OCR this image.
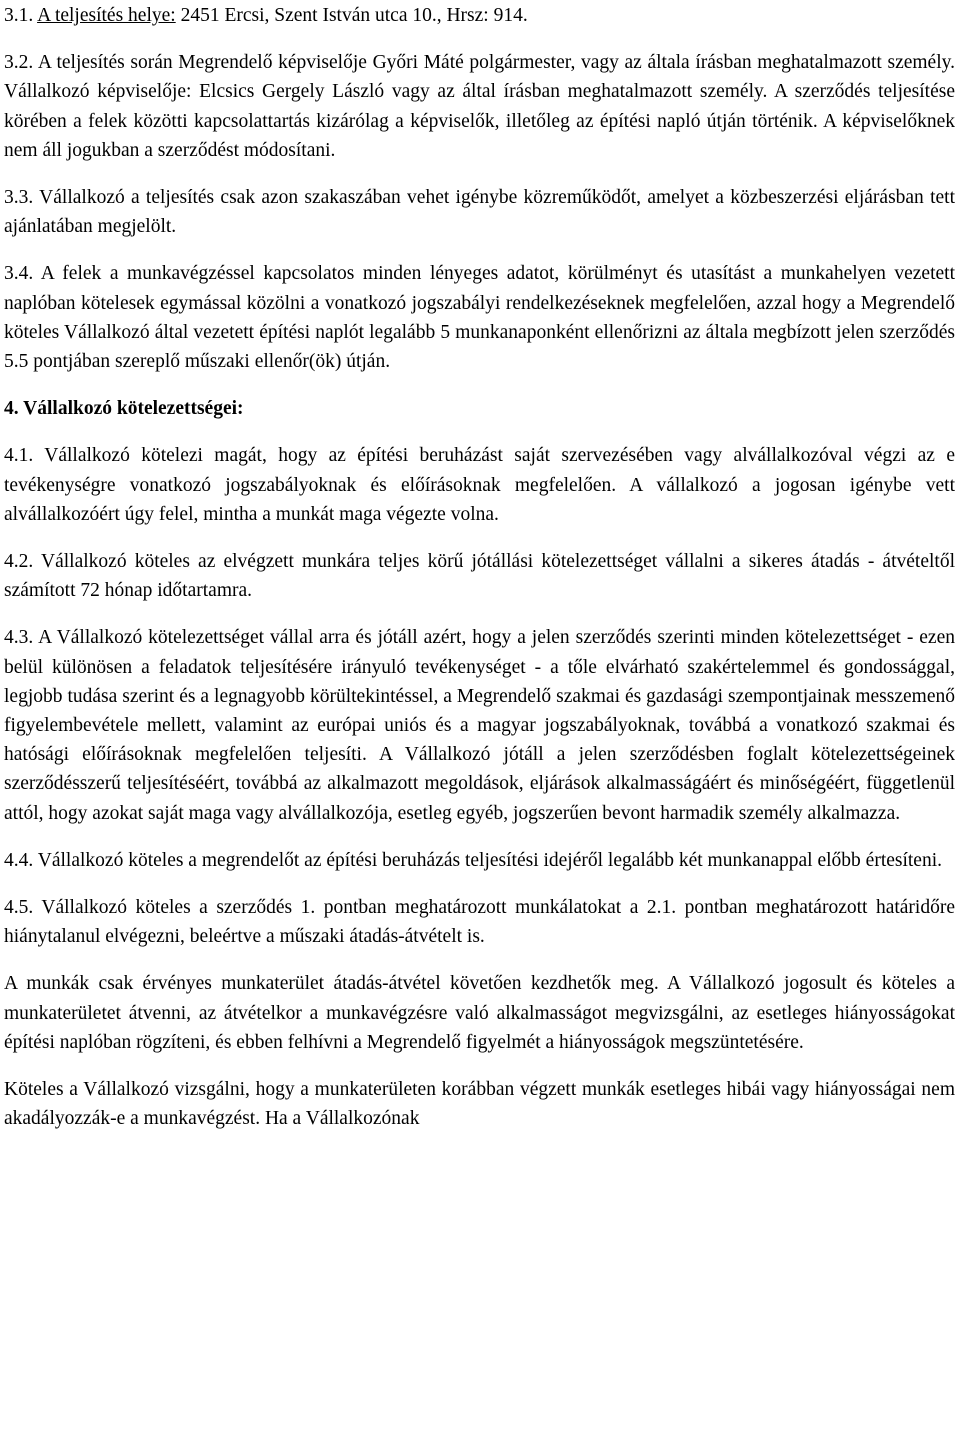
3.1. A teljesítés helye: 2451 Ercsi, Szent István utca 10., Hrsz: 914.

3.2. A teljesítés során Megrendelő képviselője Győri Máté polgármester, vagy az általa írásban meghatalmazott személy. Vállalkozó képviselője: Elcsics Gergely László vagy az által írásban meghatalmazott személy. A szerződés teljesítése körében a felek közötti kapcsolattartás kizárólag a képviselők, illetőleg az építési napló útján történik. A képviselőknek nem áll jogukban a szerződést módosítani.

3.3. Vállalkozó a teljesítés csak azon szakaszában vehet igénybe közreműködőt, amelyet a közbeszerzési eljárásban tett ajánlatában megjelölt.

3.4. A felek a munkavégzéssel kapcsolatos minden lényeges adatot, körülményt és utasítást a munkahelyen vezetett naplóban kötelesek egymással közölni a vonatkozó jogszabályi rendelkezéseknek megfelelően, azzal hogy a Megrendelő köteles Vállalkozó által vezetett építési naplót legalább 5 munkanaponként ellenőrizni az általa megbízott jelen szerződés 5.5 pontjában szereplő műszaki ellenőr(ök) útján.

4. Vállalkozó kötelezettségei:

4.1. Vállalkozó kötelezi magát, hogy az építési beruházást saját szervezésében vagy alvállalkozóval végzi az e tevékenységre vonatkozó jogszabályoknak és előírásoknak megfelelően. A vállalkozó a jogosan igénybe vett alvállalkozóért úgy felel, mintha a munkát maga végezte volna.

4.2. Vállalkozó köteles az elvégzett munkára teljes körű jótállási kötelezettséget vállalni a sikeres átadás - átvételtől számított 72 hónap időtartamra.

4.3. A Vállalkozó kötelezettséget vállal arra és jótáll azért, hogy a jelen szerződés szerinti minden kötelezettséget - ezen belül különösen a feladatok teljesítésére irányuló tevékenységet - a tőle elvárható szakértelemmel és gondossággal, legjobb tudása szerint és a legnagyobb körültekintéssel, a Megrendelő szakmai és gazdasági szempontjainak messzemenő figyelembevétele mellett, valamint az európai uniós és a magyar jogszabályoknak, továbbá a vonatkozó szakmai és hatósági előírásoknak megfelelően teljesíti. A Vállalkozó jótáll a jelen szerződésben foglalt kötelezettségeinek szerződésszerű teljesítéséért, továbbá az alkalmazott megoldások, eljárások alkalmasságáért és minőségéért, függetlenül attól, hogy azokat saját maga vagy alvállalkozója, esetleg egyéb, jogszerűen bevont harmadik személy alkalmazza.

4.4. Vállalkozó köteles a megrendelőt az építési beruházás teljesítési idejéről legalább két munkanappal előbb értesíteni.

4.5. Vállalkozó köteles a szerződés 1. pontban meghatározott munkálatokat a 2.1. pontban meghatározott határidőre hiánytalanul elvégezni, beleértve a műszaki átadás-átvételt is.

A munkák csak érvényes munkaterület átadás-átvétel követően kezdhetők meg. A Vállalkozó jogosult és köteles a munkaterületet átvenni, az átvételkor a munkavégzésre való alkalmasságot megvizsgálni, az esetleges hiányosságokat építési naplóban rögzíteni, és ebben felhívni a Megrendelő figyelmét a hiányosságok megszüntetésére.

Köteles a Vállalkozó vizsgálni, hogy a munkaterületen korábban végzett munkák esetleges hibái vagy hiányosságai nem akadályozzák-e a munkavégzést. Ha a Vállalkozónak
